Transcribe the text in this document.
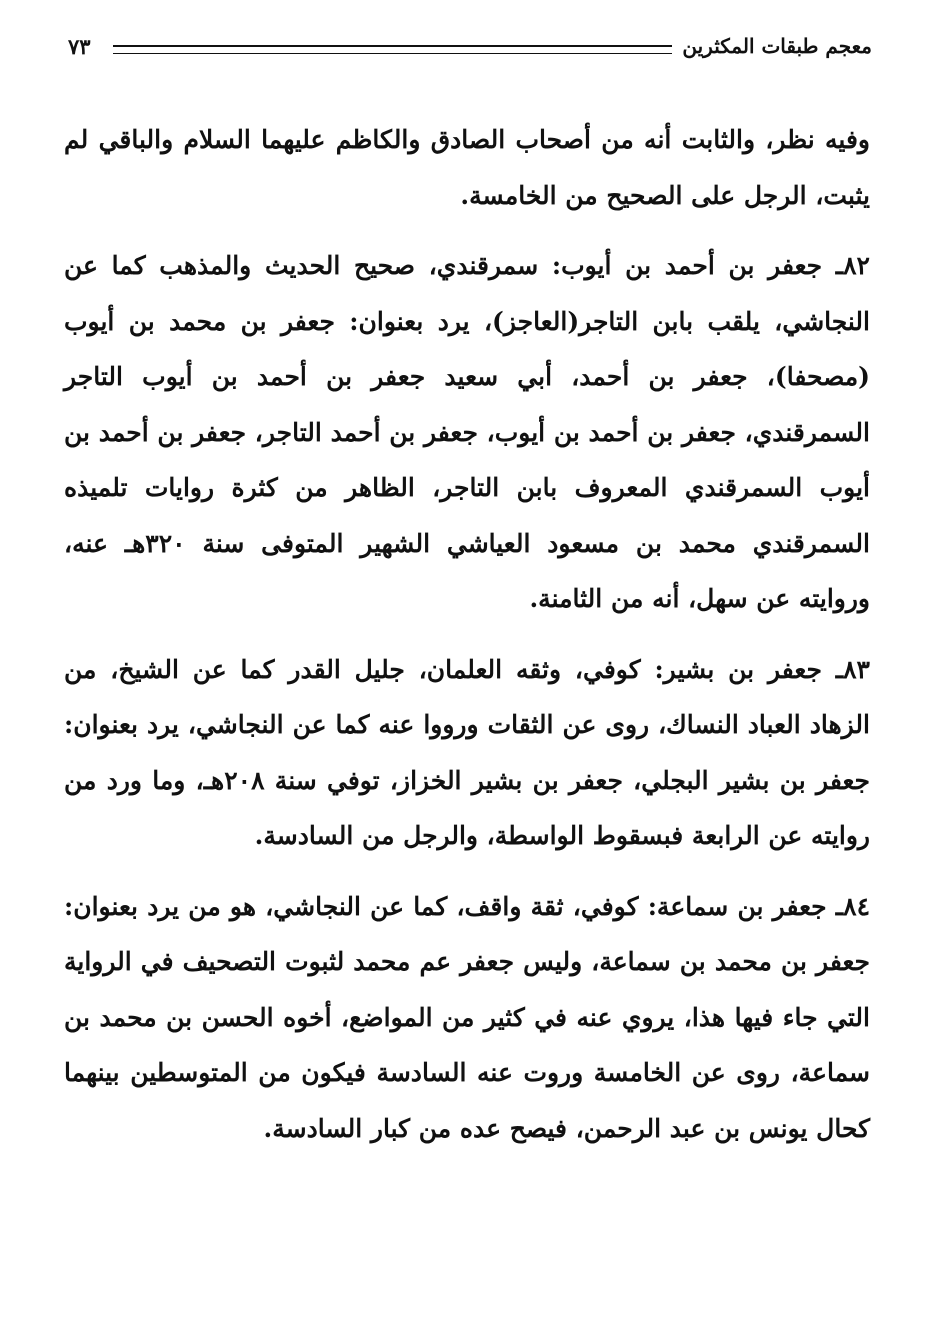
معجم طبقات المكثرين
٧٣

وفيه نظر، والثابت أنه من أصحاب الصادق والكاظم عليهما السلام والباقي لم يثبت، الرجل على الصحيح من الخامسة.

٨٢ـ جعفر بن أحمد بن أيوب: سمرقندي، صحيح الحديث والمذهب كما عن النجاشي، يلقب بابن التاجر(العاجز)، يرد بعنوان: جعفر بن محمد بن أيوب (مصحفا)، جعفر بن أحمد، أبي سعيد جعفر بن أحمد بن أيوب التاجر السمرقندي، جعفر بن أحمد بن أيوب، جعفر بن أحمد التاجر، جعفر بن أحمد بن أيوب السمرقندي المعروف بابن التاجر، الظاهر من كثرة روايات تلميذه السمرقندي محمد بن مسعود العياشي الشهير المتوفى سنة ٣٢٠هـ عنه، وروايته عن سهل، أنه من الثامنة.

٨٣ـ جعفر بن بشير: كوفي، وثقه العلمان، جليل القدر كما عن الشيخ، من الزهاد العباد النساك، روى عن الثقات ورووا عنه كما عن النجاشي، يرد بعنوان: جعفر بن بشير البجلي، جعفر بن بشير الخزاز، توفي سنة ٢٠٨هـ، وما ورد من روايته عن الرابعة فبسقوط الواسطة، والرجل من السادسة.

٨٤ـ جعفر بن سماعة: كوفي، ثقة واقف، كما عن النجاشي، هو من يرد بعنوان: جعفر بن محمد بن سماعة، وليس جعفر عم محمد لثبوت التصحيف في الرواية التي جاء فيها هذا، يروي عنه في كثير من المواضع، أخوه الحسن بن محمد بن سماعة، روى عن الخامسة وروت عنه السادسة فيكون من المتوسطين بينهما كحال يونس بن عبد الرحمن، فيصح عده من كبار السادسة.
